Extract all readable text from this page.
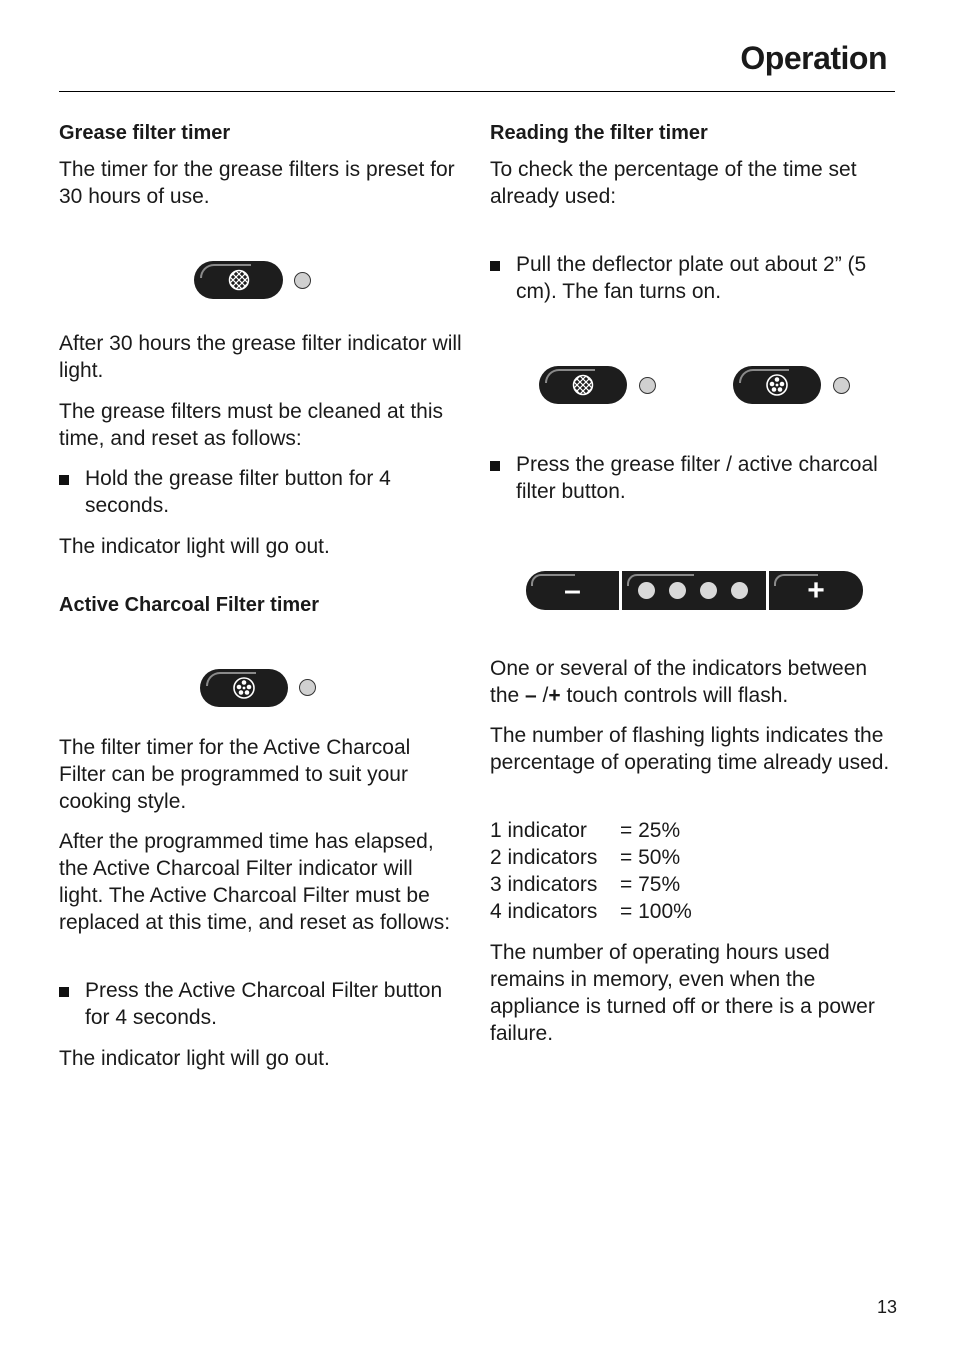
Operation
Grease filter timer
The timer for the grease filters is preset for 30 hours of use.
After 30 hours the grease filter indicator will light.
The grease filters must be cleaned at this time, and reset as follows:
Hold the grease filter button for 4 seconds.
The indicator light will go out.
Active Charcoal Filter timer
The filter timer for the Active Charcoal Filter can be programmed to suit your cooking style.
After the programmed time has elapsed, the Active Charcoal Filter indicator will light. The Active Charcoal Filter must be replaced at this time, and reset as follows:
Press the Active Charcoal Filter button for 4 seconds.
The indicator light will go out.
Reading the filter timer
To check the percentage of the time set already used:
Pull the deflector plate out about 2” (5 cm). The fan turns on.
Press the grease filter / active charcoal filter button.
–	+
One or several of the indicators between the – /+ touch controls will flash.
The number of flashing lights indicates the percentage of operating time already used.
1 indicator	= 25%
2 indicators	= 50%
3 indicators	= 75%
4 indicators	= 100%
The number of operating hours used remains in memory, even when the appliance is turned off or there is a power failure.
13
